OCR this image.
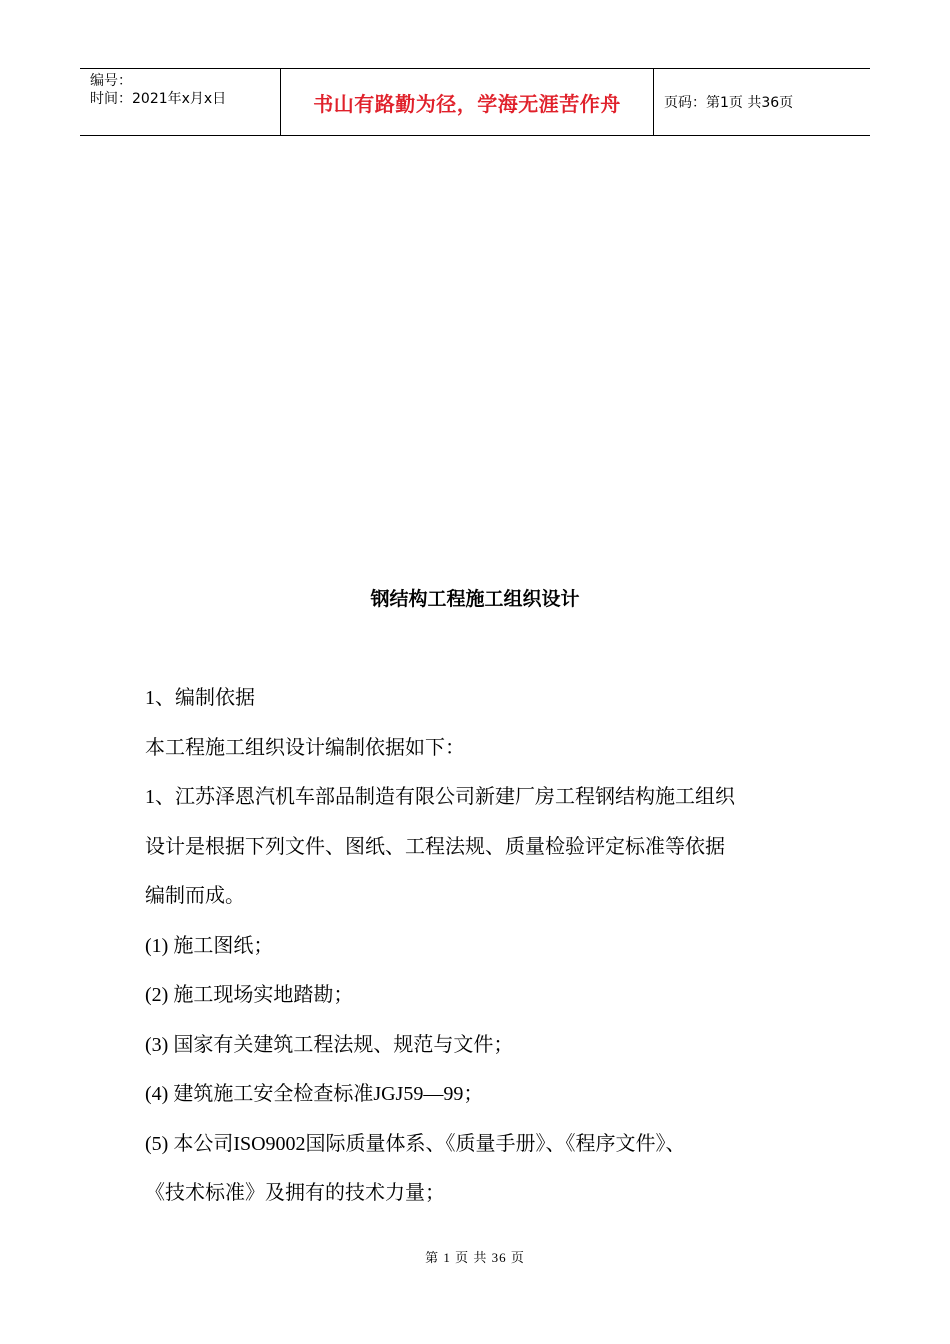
编号：
时间：2021年x月x日	书山有路勤为径，学海无涯苦作舟	页码：第1页 共36页
钢结构工程施工组织设计

1、编制依据

本工程施工组织设计编制依据如下：

1、江苏泽恩汽机车部品制造有限公司新建厂房工程钢结构施工组织

设计是根据下列文件、图纸、工程法规、质量检验评定标准等依据

编制而成。

(1) 施工图纸；

(2) 施工现场实地踏勘；

(3) 国家有关建筑工程法规、规范与文件；

(4) 建筑施工安全检查标准JGJ59—99；

(5) 本公司ISO9002国际质量体系、《质量手册》、《程序文件》、

《技术标准》及拥有的技术力量；

第 1 页 共 36 页
